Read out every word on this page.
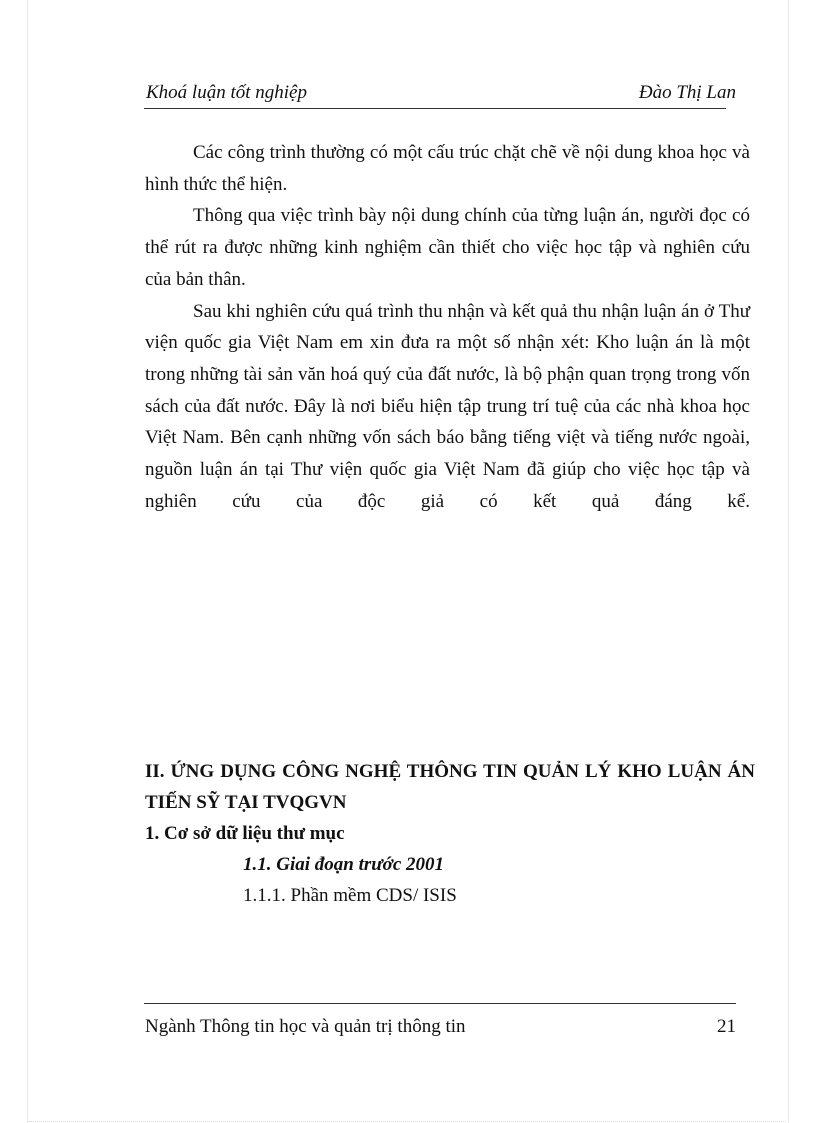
Khoá luận tốt nghiệp	Đào Thị Lan

Các công trình thường có một cấu trúc chặt chẽ về nội dung khoa học và hình thức thể hiện.

Thông qua việc trình bày nội dung chính của từng luận án, người đọc có thể rút ra được những kinh nghiệm cần thiết cho việc học tập và nghiên cứu của bản thân.

Sau khi nghiên cứu quá trình thu nhận và kết quả thu nhận luận án ở Thư viện quốc gia Việt Nam em xin đưa ra một số nhận xét: Kho luận án là một trong những tài sản văn hoá quý của đất nước, là bộ phận quan trọng trong vốn sách của đất nước. Đây là nơi biểu hiện tập trung trí tuệ của các nhà khoa học Việt Nam. Bên cạnh những vốn sách báo bằng tiếng việt và tiếng nước ngoài, nguồn luận án tại Thư viện quốc gia Việt Nam đã giúp cho việc học tập và nghiên cứu của độc giả có kết quả đáng kể.

II. ỨNG DỤNG CÔNG NGHỆ THÔNG TIN QUẢN LÝ KHO LUẬN ÁN TIẾN SỸ TẠI TVQGVN

1. Cơ sở dữ liệu thư mục

1.1. Giai đoạn trước 2001

1.1.1. Phần mềm CDS/ ISIS

Ngành Thông tin học và quản trị thông tin	21
